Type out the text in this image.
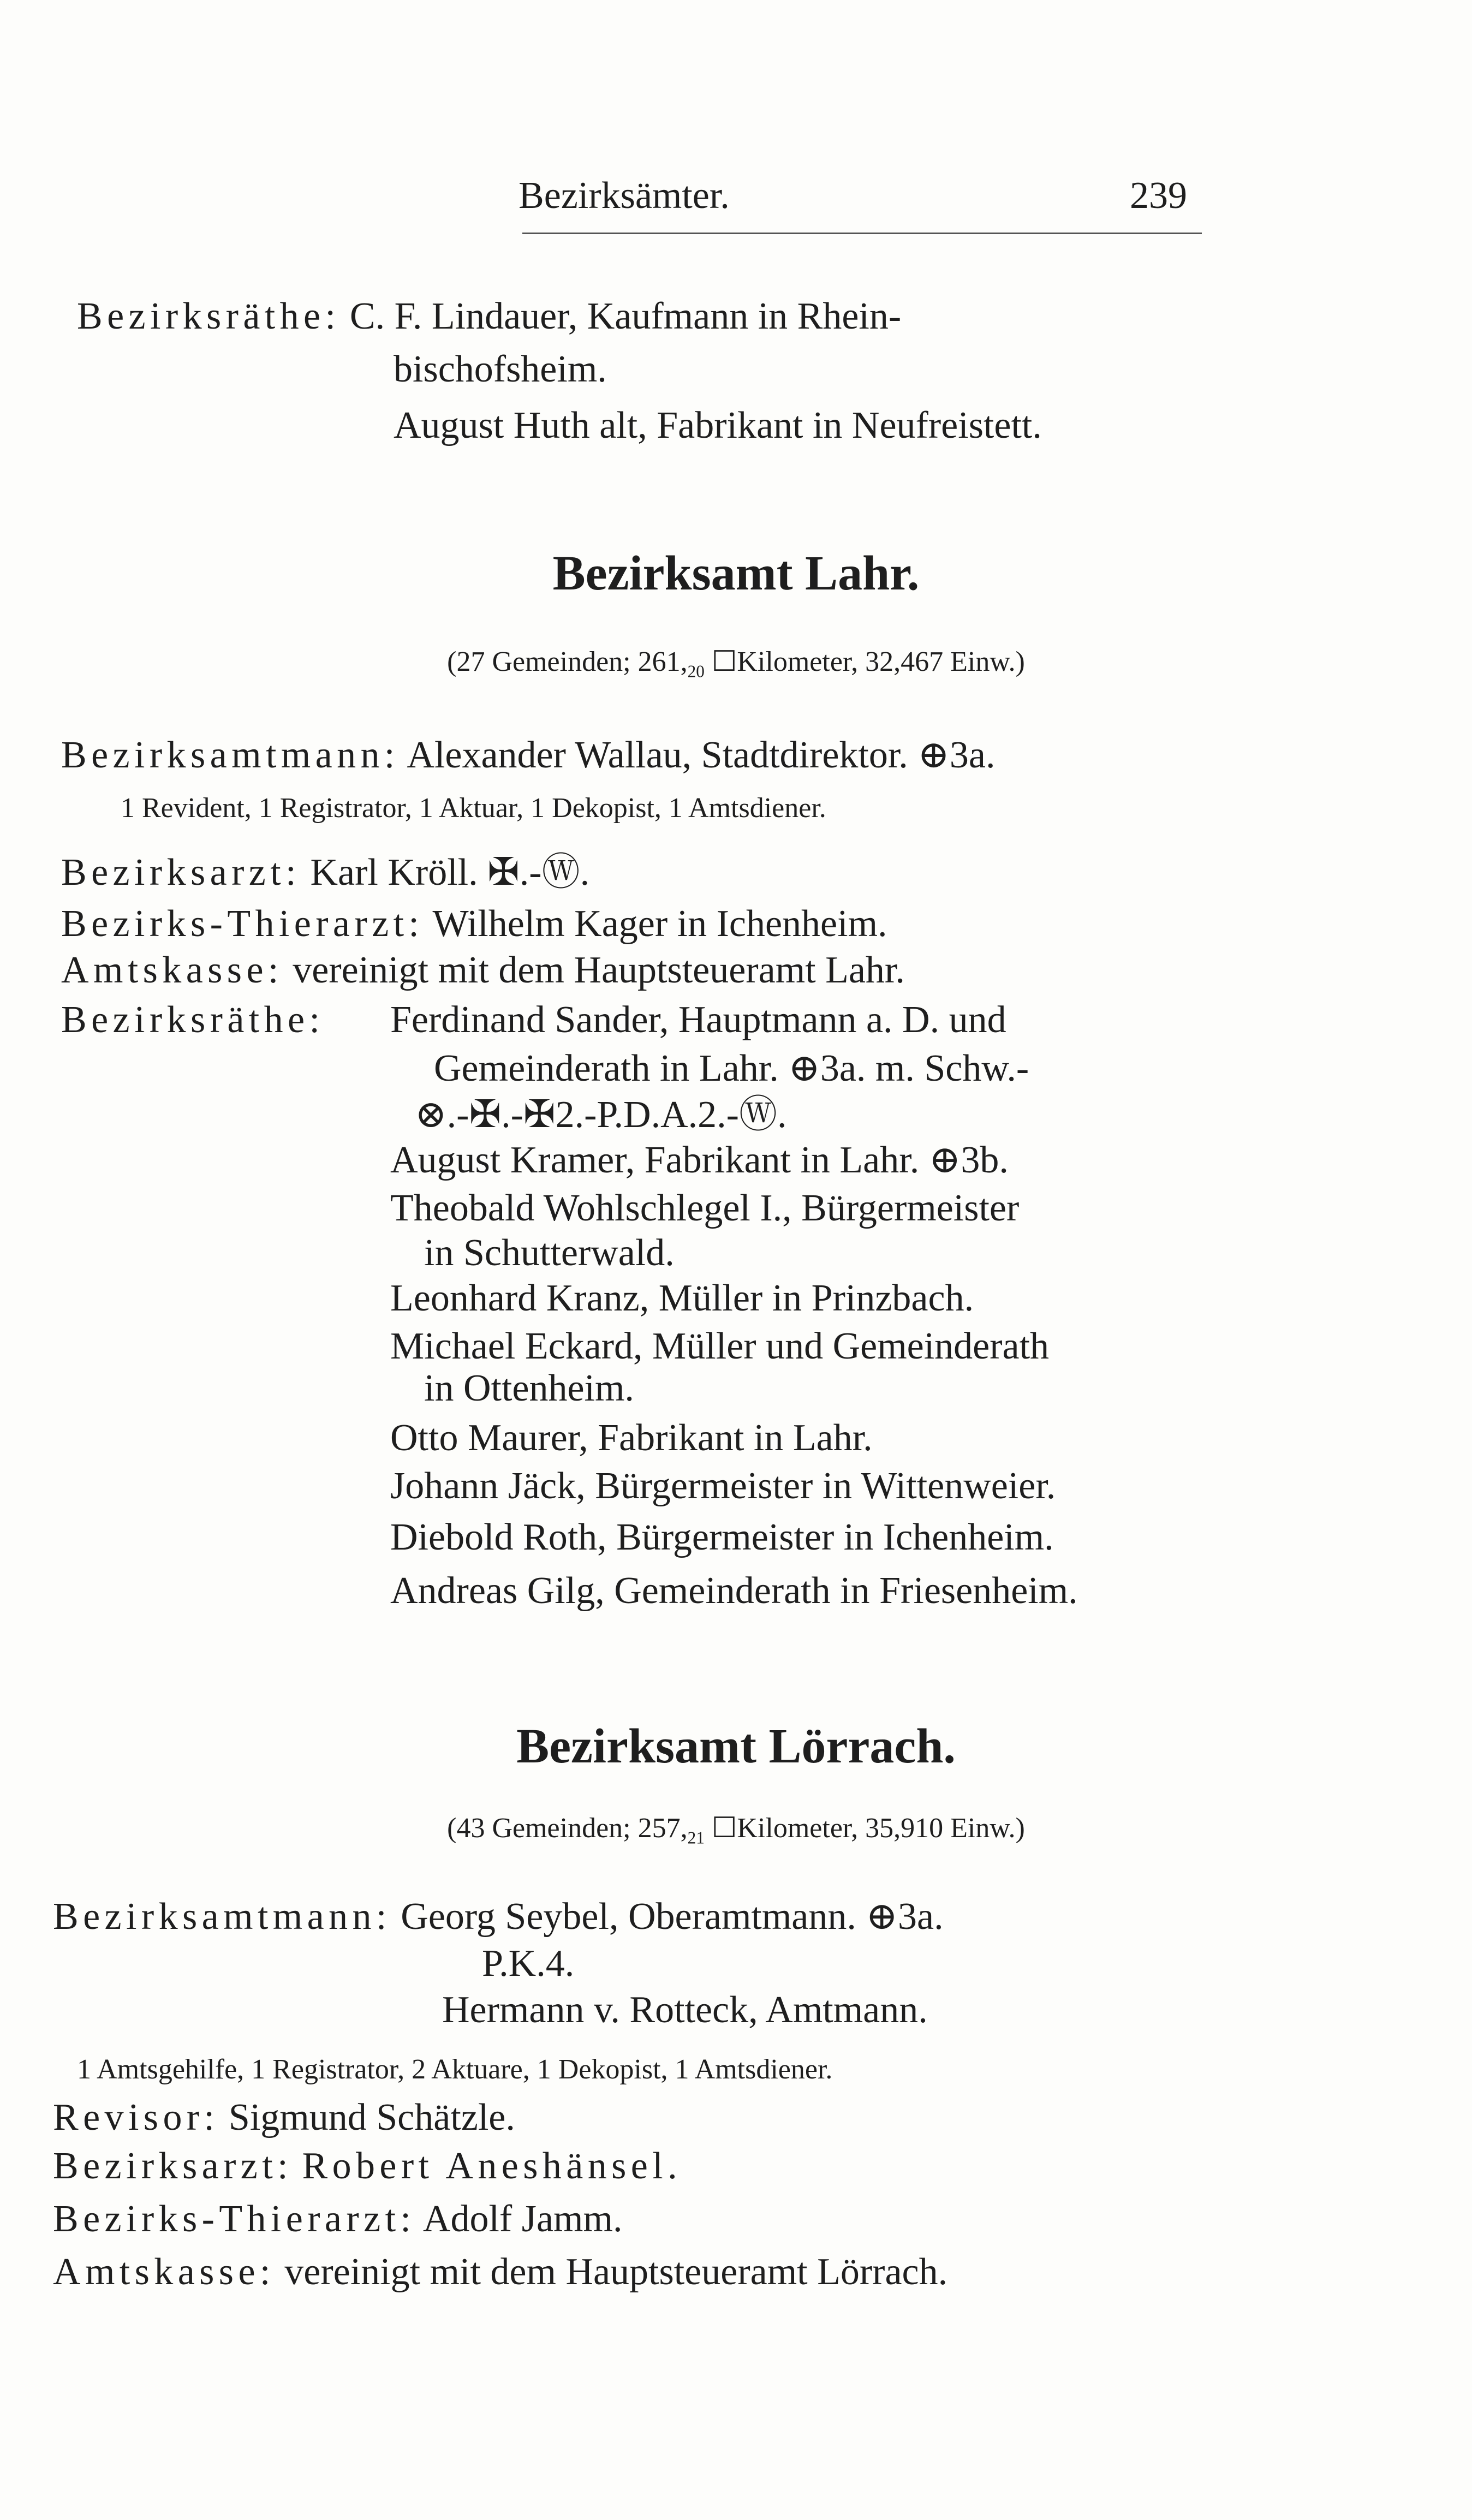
Bezirksämter.	239
Bezirksräthe: C. F. Lindauer, Kaufmann in Rhein-
bischofsheim.
August Huth alt, Fabrikant in Neufreistett.
Bezirksamt Lahr.
(27 Gemeinden; $261,_{20}$ ☐Kilometer, 32,467 Einw.)
Bezirksamtmann: Alexander Wallau, Stadtdirektor. ⊕3a.
1 Revident, 1 Registrator, 1 Aktuar, 1 Dekopist, 1 Amtsdiener.
Bezirksarzt: Karl Kröll. ✠.-Ⓦ.
Bezirks-Thierarzt: Wilhelm Kager in Ichenheim.
Amtskasse: vereinigt mit dem Hauptsteueramt Lahr.
Bezirksräthe: Ferdinand Sander, Hauptmann a. D. und
Gemeinderath in Lahr. ⊕3a. m. Schw.-
⊗.-✠.-✠2.-P.D.A.2.-Ⓦ.
August Kramer, Fabrikant in Lahr. ⊕3b.
Theobald Wohlschlegel I., Bürgermeister
in Schutterwald.
Leonhard Kranz, Müller in Prinzbach.
Michael Eckard, Müller und Gemeinderath
in Ottenheim.
Otto Maurer, Fabrikant in Lahr.
Johann Jäck, Bürgermeister in Wittenweier.
Diebold Roth, Bürgermeister in Ichenheim.
Andreas Gilg, Gemeinderath in Friesenheim.
Bezirksamt Lörrach.
(43 Gemeinden; $257,_{21}$ ☐Kilometer, 35,910 Einw.)
Bezirksamtmann: Georg Seybel, Oberamtmann. ⊕3a.
P.K.4.
Hermann v. Rotteck, Amtmann.
1 Amtsgehilfe, 1 Registrator, 2 Aktuare, 1 Dekopist, 1 Amtsdiener.
Revisor: Sigmund Schätzle.
Bezirksarzt: Robert Aneshänsel.
Bezirks-Thierarzt: Adolf Jamm.
Amtskasse: vereinigt mit dem Hauptsteueramt Lörrach.
